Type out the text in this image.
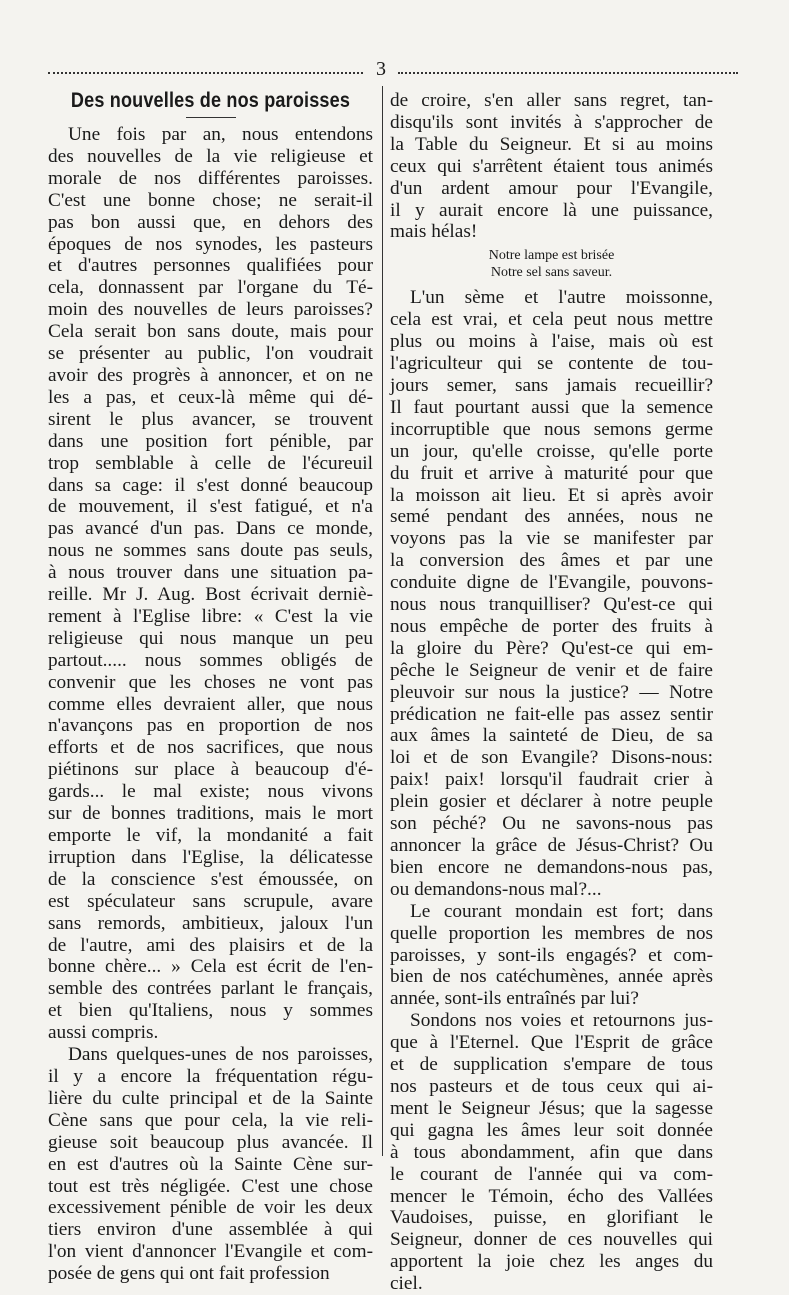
3
Des nouvelles de nos paroisses

Une fois par an, nous entendons
des nouvelles de la vie religieuse et
morale de nos différentes paroisses.
C'est une bonne chose; ne serait-il
pas bon aussi que, en dehors des
époques de nos synodes, les pasteurs
et d'autres personnes qualifiées pour
cela, donnassent par l'organe du Té-
moin des nouvelles de leurs paroisses?
Cela serait bon sans doute, mais pour
se présenter au public, l'on voudrait
avoir des progrès à annoncer, et on ne
les a pas, et ceux-là même qui dé-
sirent le plus avancer, se trouvent
dans une position fort pénible, par
trop semblable à celle de l'écureuil
dans sa cage: il s'est donné beaucoup
de mouvement, il s'est fatigué, et n'a
pas avancé d'un pas. Dans ce monde,
nous ne sommes sans doute pas seuls,
à nous trouver dans une situation pa-
reille. Mr J. Aug. Bost écrivait derniè-
rement à l'Eglise libre: « C'est la vie
religieuse qui nous manque un peu
partout..... nous sommes obligés de
convenir que les choses ne vont pas
comme elles devraient aller, que nous
n'avançons pas en proportion de nos
efforts et de nos sacrifices, que nous
piétinons sur place à beaucoup d'é-
gards... le mal existe; nous vivons
sur de bonnes traditions, mais le mort
emporte le vif, la mondanité a fait
irruption dans l'Eglise, la délicatesse
de la conscience s'est émoussée, on
est spéculateur sans scrupule, avare
sans remords, ambitieux, jaloux l'un
de l'autre, ami des plaisirs et de la
bonne chère... » Cela est écrit de l'en-
semble des contrées parlant le français,
et bien qu'Italiens, nous y sommes
aussi compris.

Dans quelques-unes de nos paroisses,
il y a encore la fréquentation régu-
lière du culte principal et de la Sainte
Cène sans que pour cela, la vie reli-
gieuse soit beaucoup plus avancée. Il
en est d'autres où la Sainte Cène sur-
tout est très négligée. C'est une chose
excessivement pénible de voir les deux
tiers environ d'une assemblée à qui
l'on vient d'annoncer l'Evangile et com-
posée de gens qui ont fait profession

de croire, s'en aller sans regret, tan-
disqu'ils sont invités à s'approcher de
la Table du Seigneur. Et si au moins
ceux qui s'arrêtent étaient tous animés
d'un ardent amour pour l'Evangile,
il y aurait encore là une puissance,
mais hélas!

Notre lampe est brisée
Notre sel sans saveur.

L'un sème et l'autre moissonne,
cela est vrai, et cela peut nous mettre
plus ou moins à l'aise, mais où est
l'agriculteur qui se contente de tou-
jours semer, sans jamais recueillir?
Il faut pourtant aussi que la semence
incorruptible que nous semons germe
un jour, qu'elle croisse, qu'elle porte
du fruit et arrive à maturité pour que
la moisson ait lieu. Et si après avoir
semé pendant des années, nous ne
voyons pas la vie se manifester par
la conversion des âmes et par une
conduite digne de l'Evangile, pouvons-
nous nous tranquilliser? Qu'est-ce qui
nous empêche de porter des fruits à
la gloire du Père? Qu'est-ce qui em-
pêche le Seigneur de venir et de faire
pleuvoir sur nous la justice? — Notre
prédication ne fait-elle pas assez sentir
aux âmes la sainteté de Dieu, de sa
loi et de son Evangile? Disons-nous:
paix! paix! lorsqu'il faudrait crier à
plein gosier et déclarer à notre peuple
son péché? Ou ne savons-nous pas
annoncer la grâce de Jésus-Christ? Ou
bien encore ne demandons-nous pas,
ou demandons-nous mal?...

Le courant mondain est fort; dans
quelle proportion les membres de nos
paroisses, y sont-ils engagés? et com-
bien de nos catéchumènes, année après
année, sont-ils entraînés par lui?

Sondons nos voies et retournons jus-
que à l'Eternel. Que l'Esprit de grâce
et de supplication s'empare de tous
nos pasteurs et de tous ceux qui ai-
ment le Seigneur Jésus; que la sagesse
qui gagna les âmes leur soit donnée
à tous abondamment, afin que dans
le courant de l'année qui va com-
mencer le Témoin, écho des Vallées
Vaudoises, puisse, en glorifiant le
Seigneur, donner de ces nouvelles qui
apportent la joie chez les anges du
ciel.
